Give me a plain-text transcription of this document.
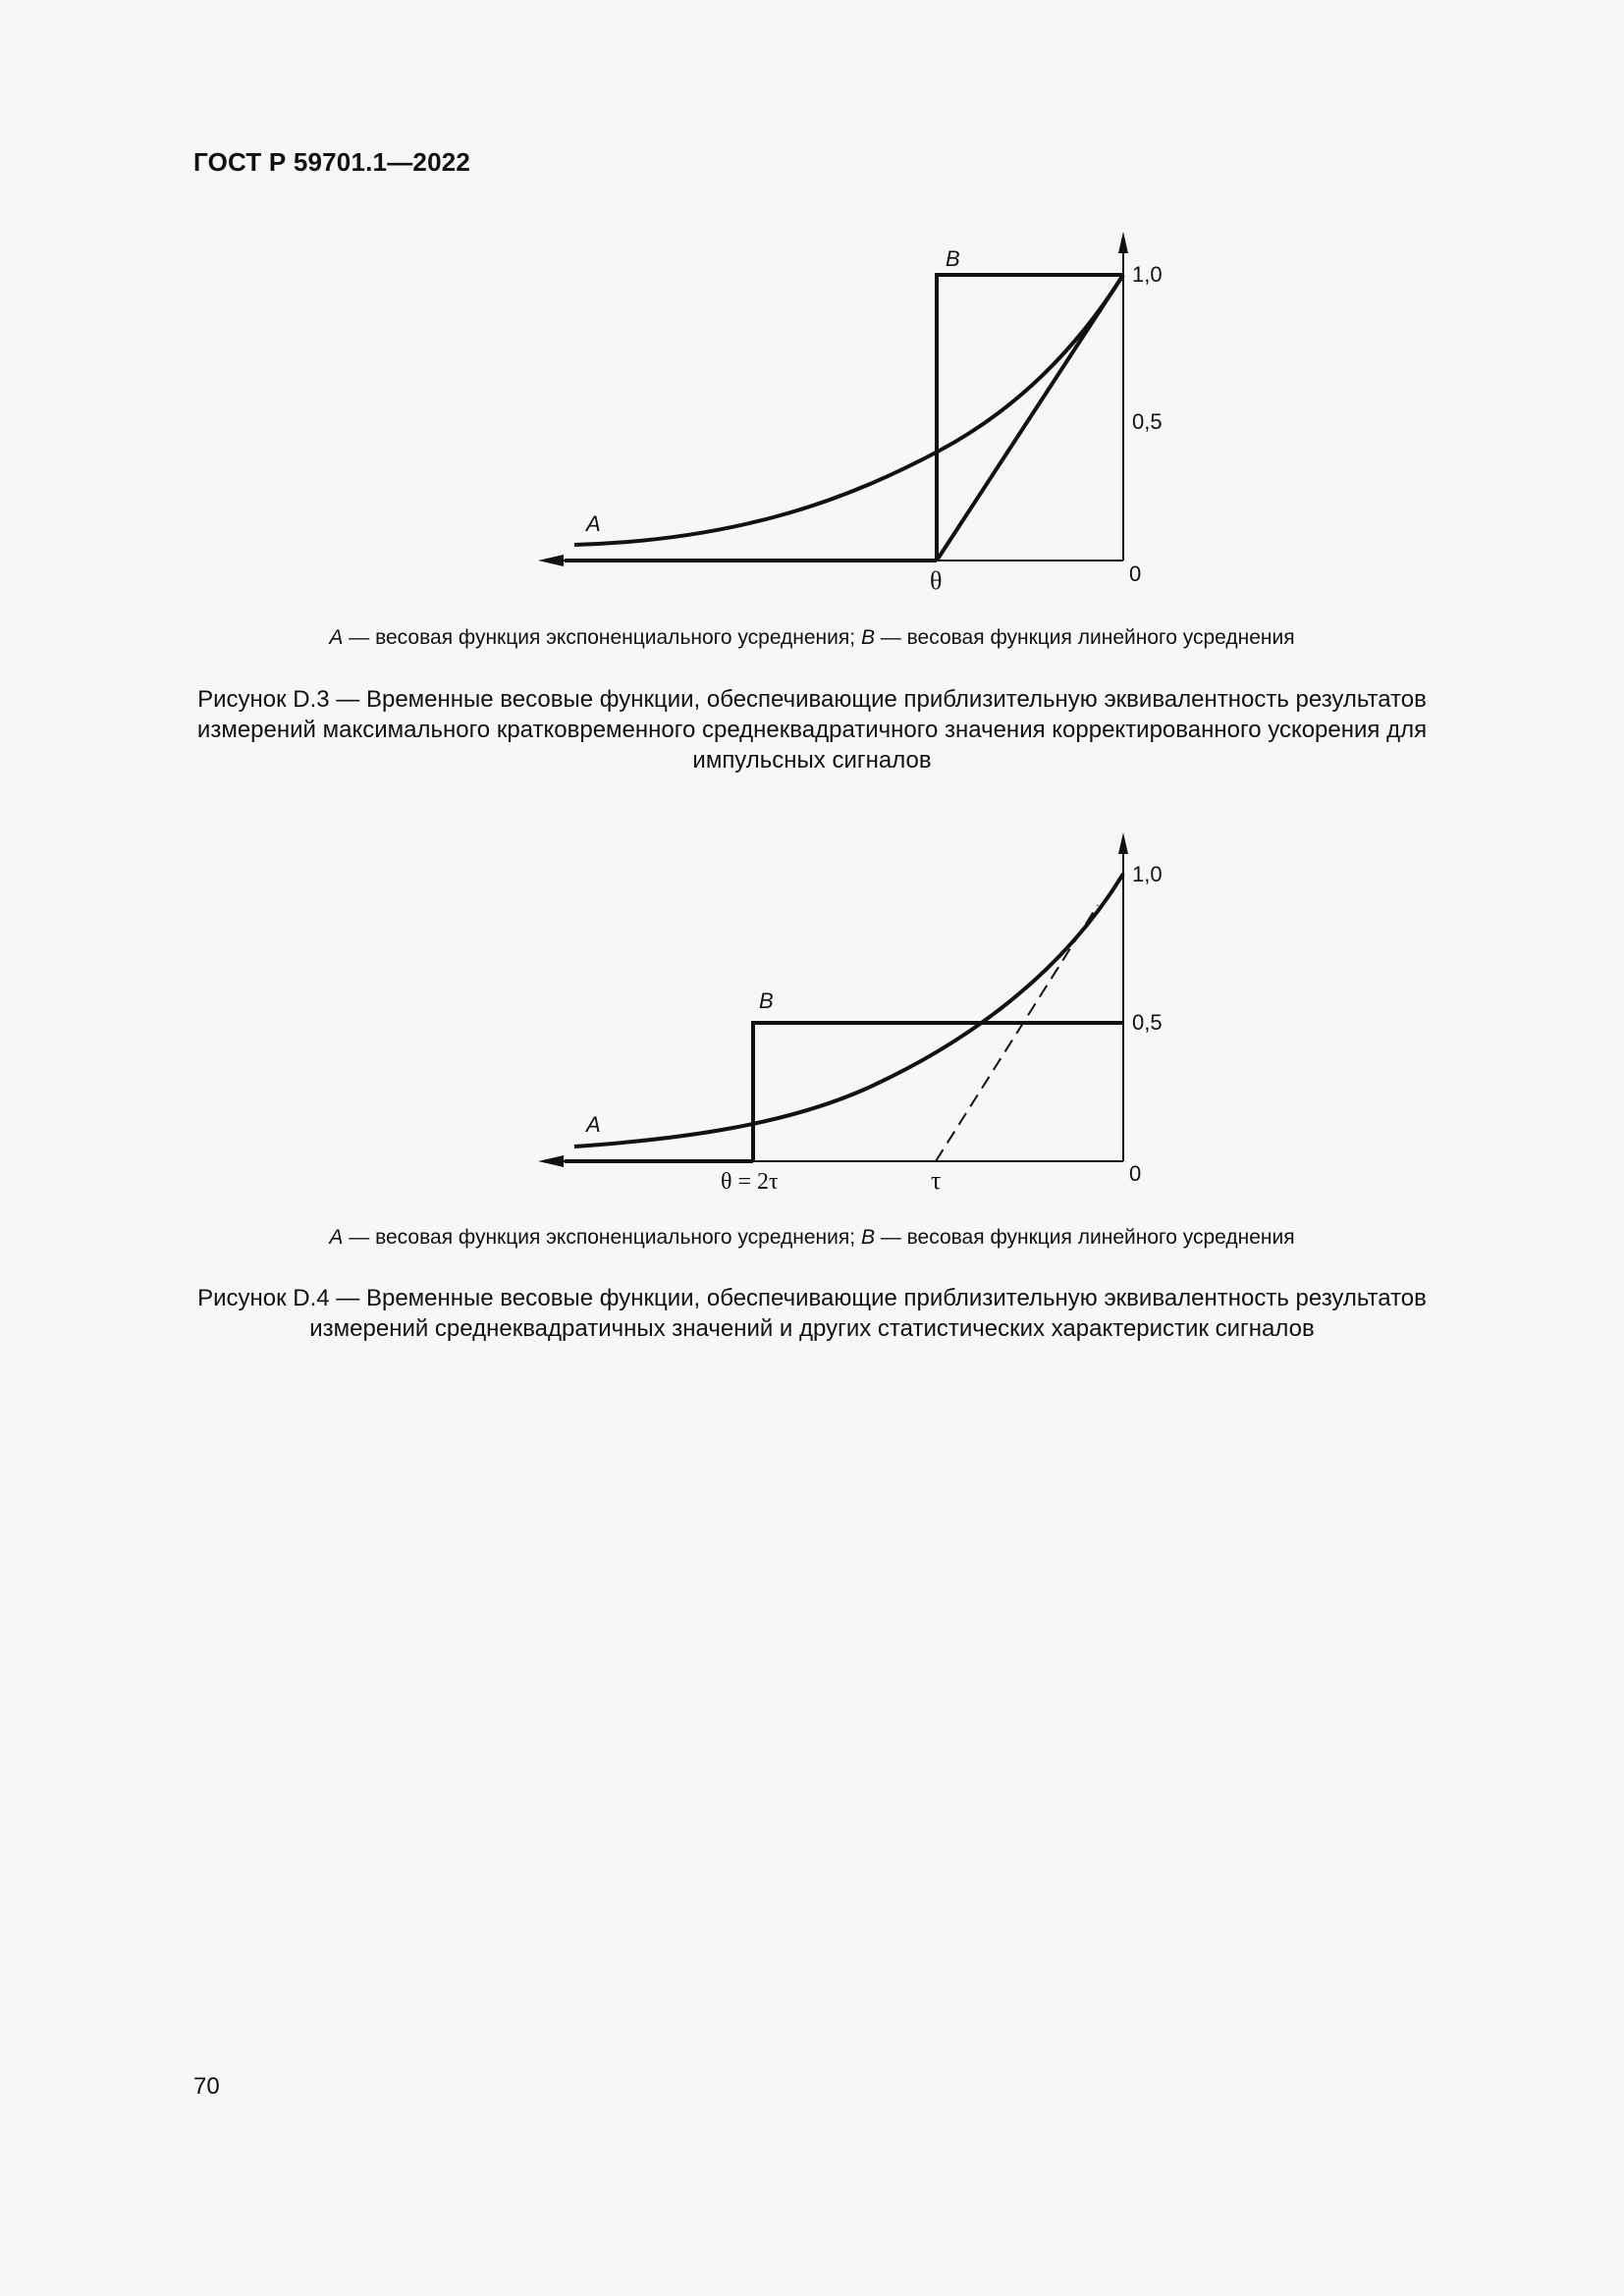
ГОСТ Р 59701.1—2022
A
B
1,0
0,5
0
θ
A — весовая функция экспоненциального усреднения; B — весовая функция линейного усреднения
Рисунок D.3 — Временные весовые функции, обеспечивающие приблизительную эквивалентность результатов измерений максимального кратковременного среднеквадратичного значения корректированного ускорения для импульсных сигналов
A
B
1,0
0,5
0
θ = 2τ	τ
A — весовая функция экспоненциального усреднения; B — весовая функция линейного усреднения
Рисунок D.4 — Временные весовые функции, обеспечивающие приблизительную эквивалентность результатов измерений среднеквадратичных значений и других статистических характеристик сигналов
70
